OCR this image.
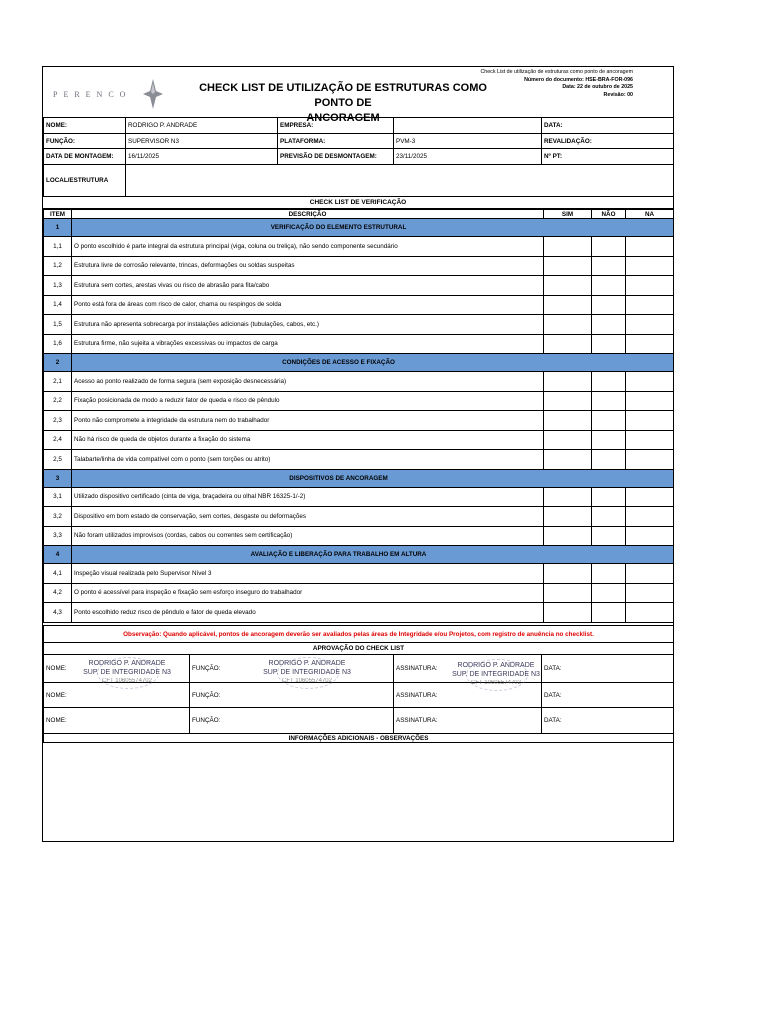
PERENCO
CHECK LIST DE UTILIZAÇÃO DE ESTRUTURAS COMO PONTO DE
ANCORAGEM
Check List de utilização de estruturas como ponto de ancoragem
Número do documento: HSE-BRA-FOR-096
Data: 22 de outubro de 2025
Revisão: 00
NOME:	RODRIGO P. ANDRADE	EMPRESA:		DATA:
FUNÇÃO:	SUPERVISOR N3	PLATAFORMA:	PVM-3	REVALIDAÇÃO:
DATA DE MONTAGEM:	16/11/2025	PREVISÃO DE DESMONTAGEM:	23/11/2025	Nº PT:
LOCAL/ESTRUTURA				
CHECK LIST DE VERIFICAÇÃO
ITEM	DESCRIÇÃO	SIM	NÃO	NA
1	VERIFICAÇÃO DO ELEMENTO ESTRUTURAL			
1,1	O ponto escolhido é parte integral da estrutura principal (viga, coluna ou treliça), não sendo componente secundário			
1,2	Estrutura livre de corrosão relevante, trincas, deformações ou soldas suspeitas			
1,3	Estrutura sem cortes, arestas vivas ou risco de abrasão para fita/cabo			
1,4	Ponto está fora de áreas com risco de calor, chama ou respingos de solda			
1,5	Estrutura não apresenta sobrecarga por instalações adicionais (tubulações, cabos, etc.)			
1,6	Estrutura firme, não sujeita a vibrações excessivas ou impactos de carga			
2	CONDIÇÕES DE ACESSO E FIXAÇÃO			
2,1	Acesso ao ponto realizado de forma segura (sem exposição desnecessária)			
2,2	Fixação posicionada de modo a reduzir fator de queda e risco de pêndulo			
2,3	Ponto não compromete a integridade da estrutura nem do trabalhador			
2,4	Não há risco de queda de objetos durante a fixação do sistema			
2,5	Talabarte/linha de vida compatível com o ponto (sem torções ou atrito)			
3	DISPOSITIVOS DE ANCORAGEM			
3,1	Utilizado dispositivo certificado (cinta de viga, braçadeira ou olhal NBR 16325-1/-2)			
3,2	Dispositivo em bom estado de conservação, sem cortes, desgaste ou deformações			
3,3	Não foram utilizados improvisos (cordas, cabos ou correntes sem certificação)			
4	AVALIAÇÃO E LIBERAÇÃO PARA TRABALHO EM ALTURA			
4,1	Inspeção visual realizada pelo Supervisor Nível 3			
4,2	O ponto é acessível para inspeção e fixação sem esforço inseguro do trabalhador			
4,3	Ponto escolhido reduz risco de pêndulo e fator de queda elevado			
Observação: Quando aplicável, pontos de ancoragem deverão ser avaliados pelas áreas de Integridade e/ou Projetos, com registro de anuência no checklist.			
APROVAÇÃO DO CHECK LIST			
NOME:	FUNÇÃO:	ASSINATURA:	DATA:
NOME:	FUNÇÃO:	ASSINATURA:	DATA:
NOME:	FUNÇÃO:	ASSINATURA:	DATA:
INFORMAÇÕES ADICIONAIS - OBSERVAÇÕES			
RODRIGO P. ANDRADE
SUP. DE INTEGRIDADE N3
CFT 10605574702
RODRIGO P. ANDRADE
SUP. DE INTEGRIDADE N3
CFT 10605574702
RODRIGO P. ANDRADE
SUP. DE INTEGRIDADE N3
CFT 10605574702
